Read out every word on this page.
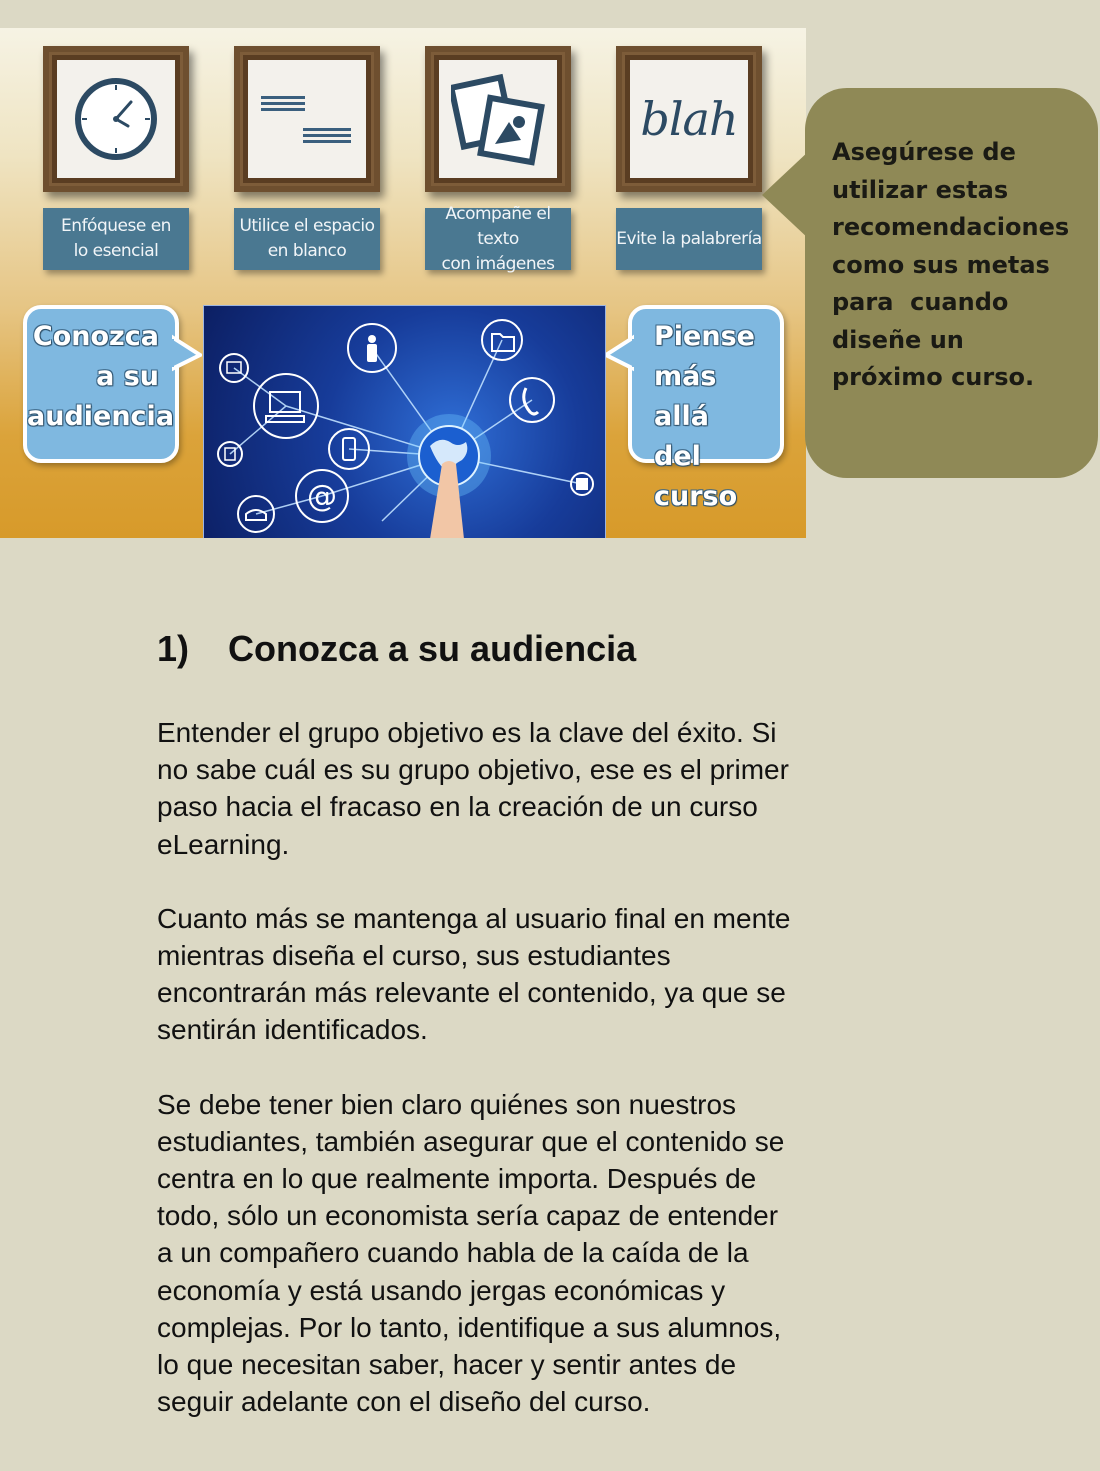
Enfóquese en
lo esencial
Utilice el espacio
en blanco
Acompañe el texto
con imágenes
blah
Evite la palabrería
Conozca
a su
audiencia
Piense
más allá
del curso
@
Asegúrese de
utilizar estas
recomendaciones
como sus metas
para  cuando
diseñe un
próximo curso.
1) Conozca a su audiencia

Entender el grupo objetivo es la clave del éxito. Si
no sabe cuál es su grupo objetivo, ese es el primer
paso hacia el fracaso en la creación de un curso
eLearning.

Cuanto más se mantenga al usuario final en mente
mientras diseña el curso, sus estudiantes
encontrarán más relevante el contenido, ya que se
sentirán identificados.

Se debe tener bien claro quiénes son nuestros
estudiantes, también asegurar que el contenido se
centra en lo que realmente importa. Después de
todo, sólo un economista sería capaz de entender
a un compañero cuando habla de la caída de la
economía y está usando jergas económicas y
complejas. Por lo tanto, identifique a sus alumnos,
lo que necesitan saber, hacer y sentir antes de
seguir adelante con el diseño del curso.
